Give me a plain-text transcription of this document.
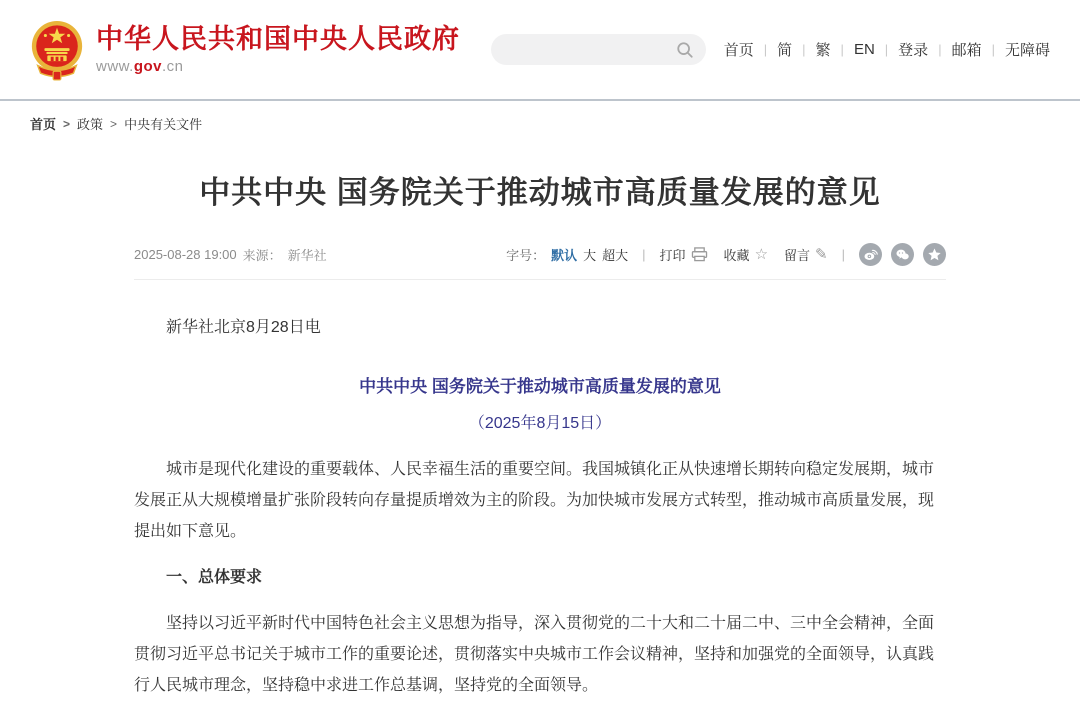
中华人民共和国中央人民政府
www.gov.cn
首页 | 简 | 繁 | EN | 登录 | 邮箱 | 无障碍
首页 >	政策 >	中央有关文件
中共中央 国务院关于推动城市高质量发展的意见
2025-08-28 19:00 来源： 新华社	字号： 默认 大 超大 | 打印	收藏 ☆ 留言 ✎ |

新华社北京8月28日电

中共中央 国务院关于推动城市高质量发展的意见

（2025年8月15日）

城市是现代化建设的重要载体、人民幸福生活的重要空间。我国城镇化正从快速增长期转向稳定发展期，城市发展正从大规模增量扩张阶段转向存量提质增效为主的阶段。为加快城市发展方式转型，推动城市高质量发展，现提出如下意见。

一、总体要求

坚持以习近平新时代中国特色社会主义思想为指导，深入贯彻党的二十大和二十届二中、三中全会精神，全面贯彻习近平总书记关于城市工作的重要论述，贯彻落实中央城市工作会议精神，坚持和加强党的全面领导，认真践行人民城市理念，坚持稳中求进工作总基调，坚持党的全面领导。
